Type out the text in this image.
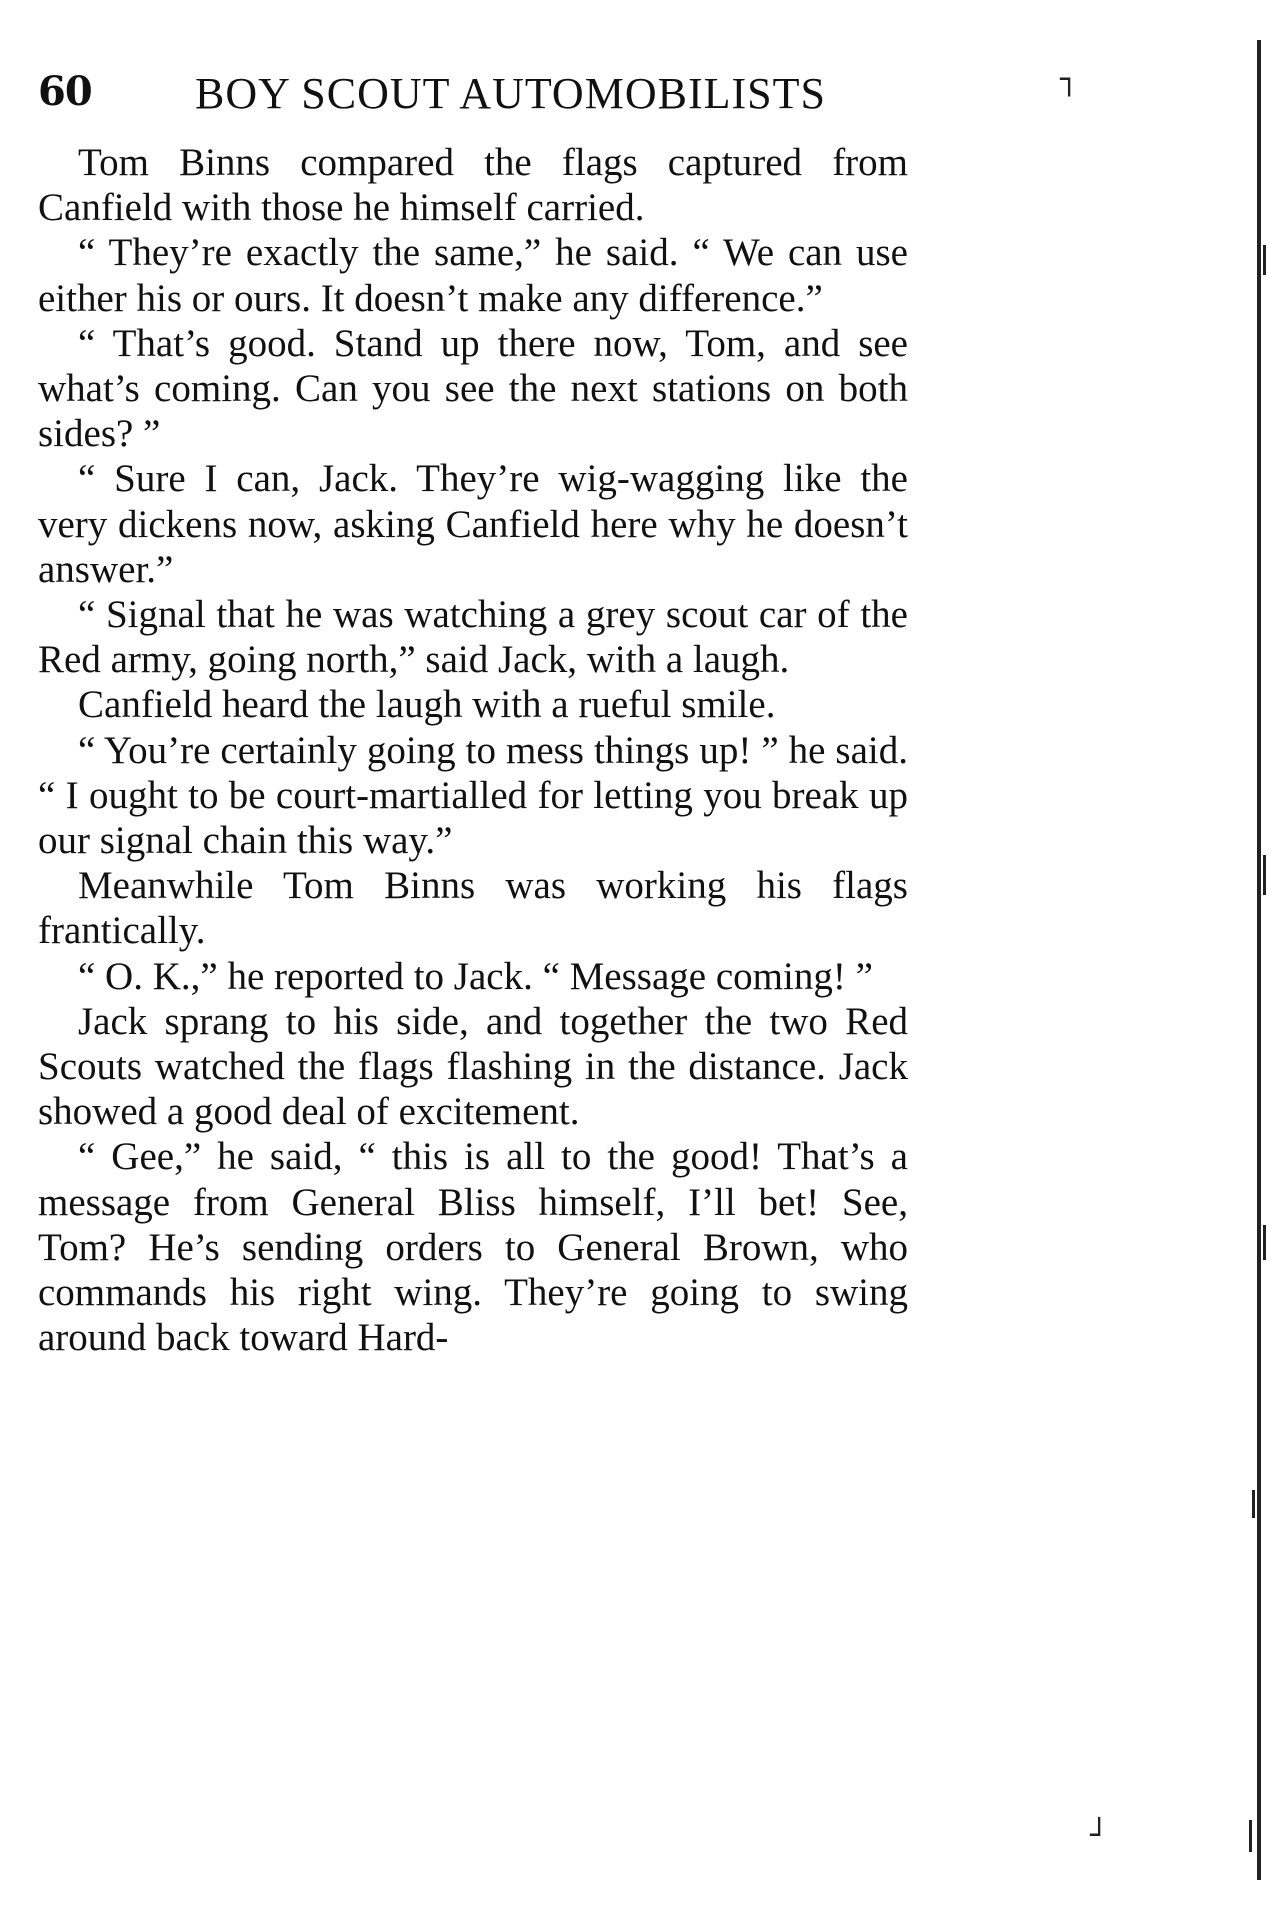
60 BOY SCOUT AUTOMOBILISTS

Tom Binns compared the flags captured from Canfield with those he himself carried.

“ They’re exactly the same,” he said. “ We can use either his or ours. It doesn’t make any difference.”

“ That’s good. Stand up there now, Tom, and see what’s coming. Can you see the next stations on both sides? ”

“ Sure I can, Jack. They’re wig-wagging like the very dickens now, asking Canfield here why he doesn’t answer.”

“ Signal that he was watching a grey scout car of the Red army, going north,” said Jack, with a laugh.

Canfield heard the laugh with a rueful smile.

“ You’re certainly going to mess things up! ” he said. “ I ought to be court-martialled for letting you break up our signal chain this way.”

Meanwhile Tom Binns was working his flags frantically.

“ O. K.,” he reported to Jack. “ Message coming! ”

Jack sprang to his side, and together the two Red Scouts watched the flags flashing in the distance. Jack showed a good deal of excitement.

“ Gee,” he said, “ this is all to the good! That’s a message from General Bliss himself, I’ll bet! See, Tom? He’s sending orders to General Brown, who commands his right wing. They’re going to swing around back toward Hard-

┐
┘
